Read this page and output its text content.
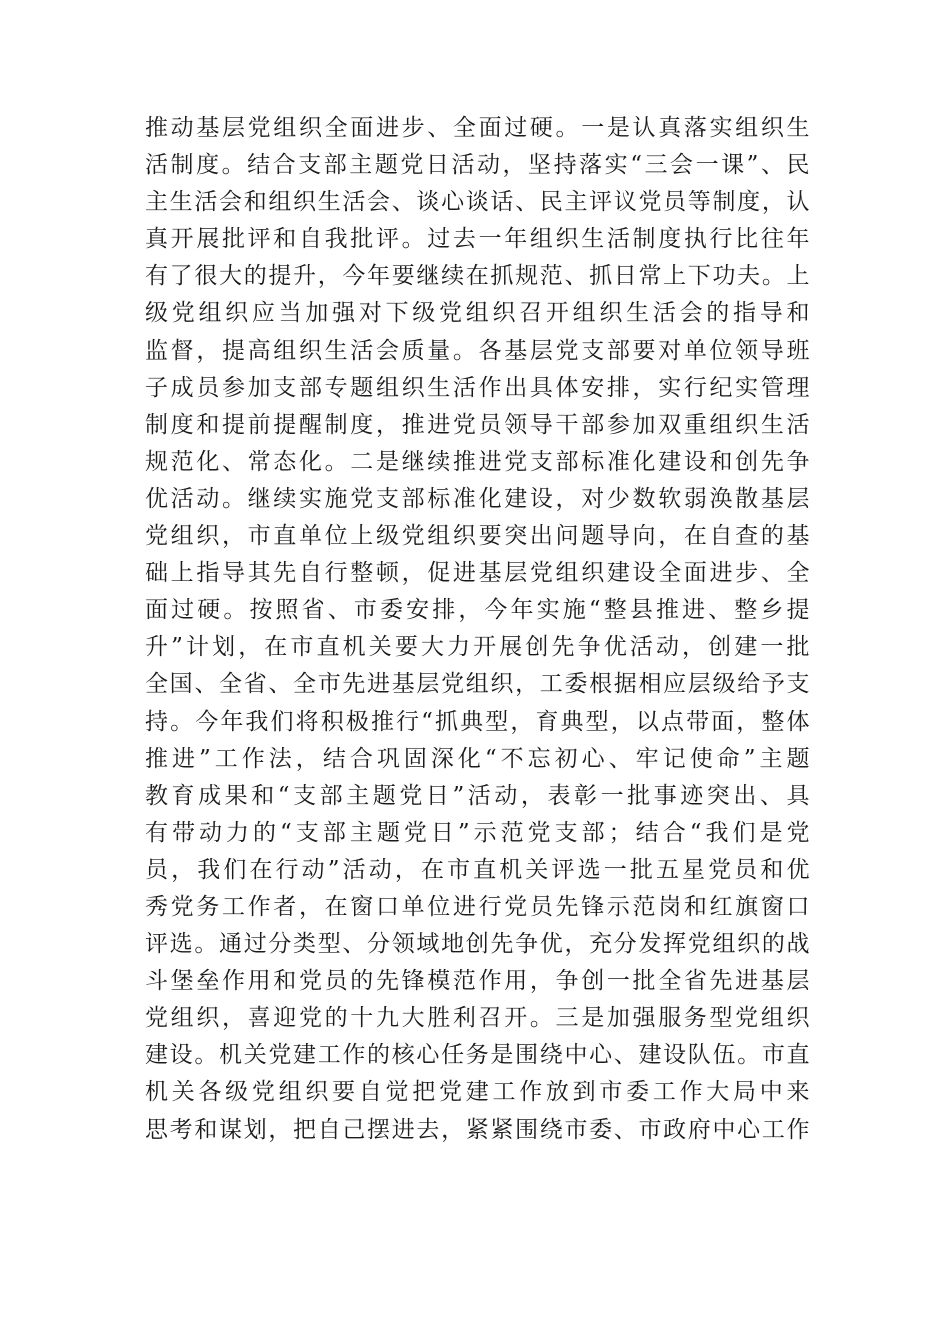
推动基层党组织全面进步、全面过硬。一是认真落实组织生
活制度。结合支部主题党日活动，坚持落实“三会一课”、民
主生活会和组织生活会、谈心谈话、民主评议党员等制度，认
真开展批评和自我批评。过去一年组织生活制度执行比往年
有了很大的提升，今年要继续在抓规范、抓日常上下功夫。上
级党组织应当加强对下级党组织召开组织生活会的指导和
监督，提高组织生活会质量。各基层党支部要对单位领导班
子成员参加支部专题组织生活作出具体安排，实行纪实管理
制度和提前提醒制度，推进党员领导干部参加双重组织生活
规范化、常态化。二是继续推进党支部标准化建设和创先争
优活动。继续实施党支部标准化建设，对少数软弱涣散基层
党组织，市直单位上级党组织要突出问题导向，在自查的基
础上指导其先自行整顿，促进基层党组织建设全面进步、全
面过硬。按照省、市委安排，今年实施“整县推进、整乡提
升”计划，在市直机关要大力开展创先争优活动，创建一批
全国、全省、全市先进基层党组织，工委根据相应层级给予支
持。今年我们将积极推行“抓典型，育典型，以点带面，整体
推进”工作法，结合巩固深化“不忘初心、牢记使命”主题
教育成果和“支部主题党日”活动，表彰一批事迹突出、具
有带动力的“支部主题党日”示范党支部；结合“我们是党
员，我们在行动”活动，在市直机关评选一批五星党员和优
秀党务工作者，在窗口单位进行党员先锋示范岗和红旗窗口
评选。通过分类型、分领域地创先争优，充分发挥党组织的战
斗堡垒作用和党员的先锋模范作用，争创一批全省先进基层
党组织，喜迎党的十九大胜利召开。三是加强服务型党组织
建设。机关党建工作的核心任务是围绕中心、建设队伍。市直
机关各级党组织要自觉把党建工作放到市委工作大局中来
思考和谋划，把自己摆进去，紧紧围绕市委、市政府中心工作
